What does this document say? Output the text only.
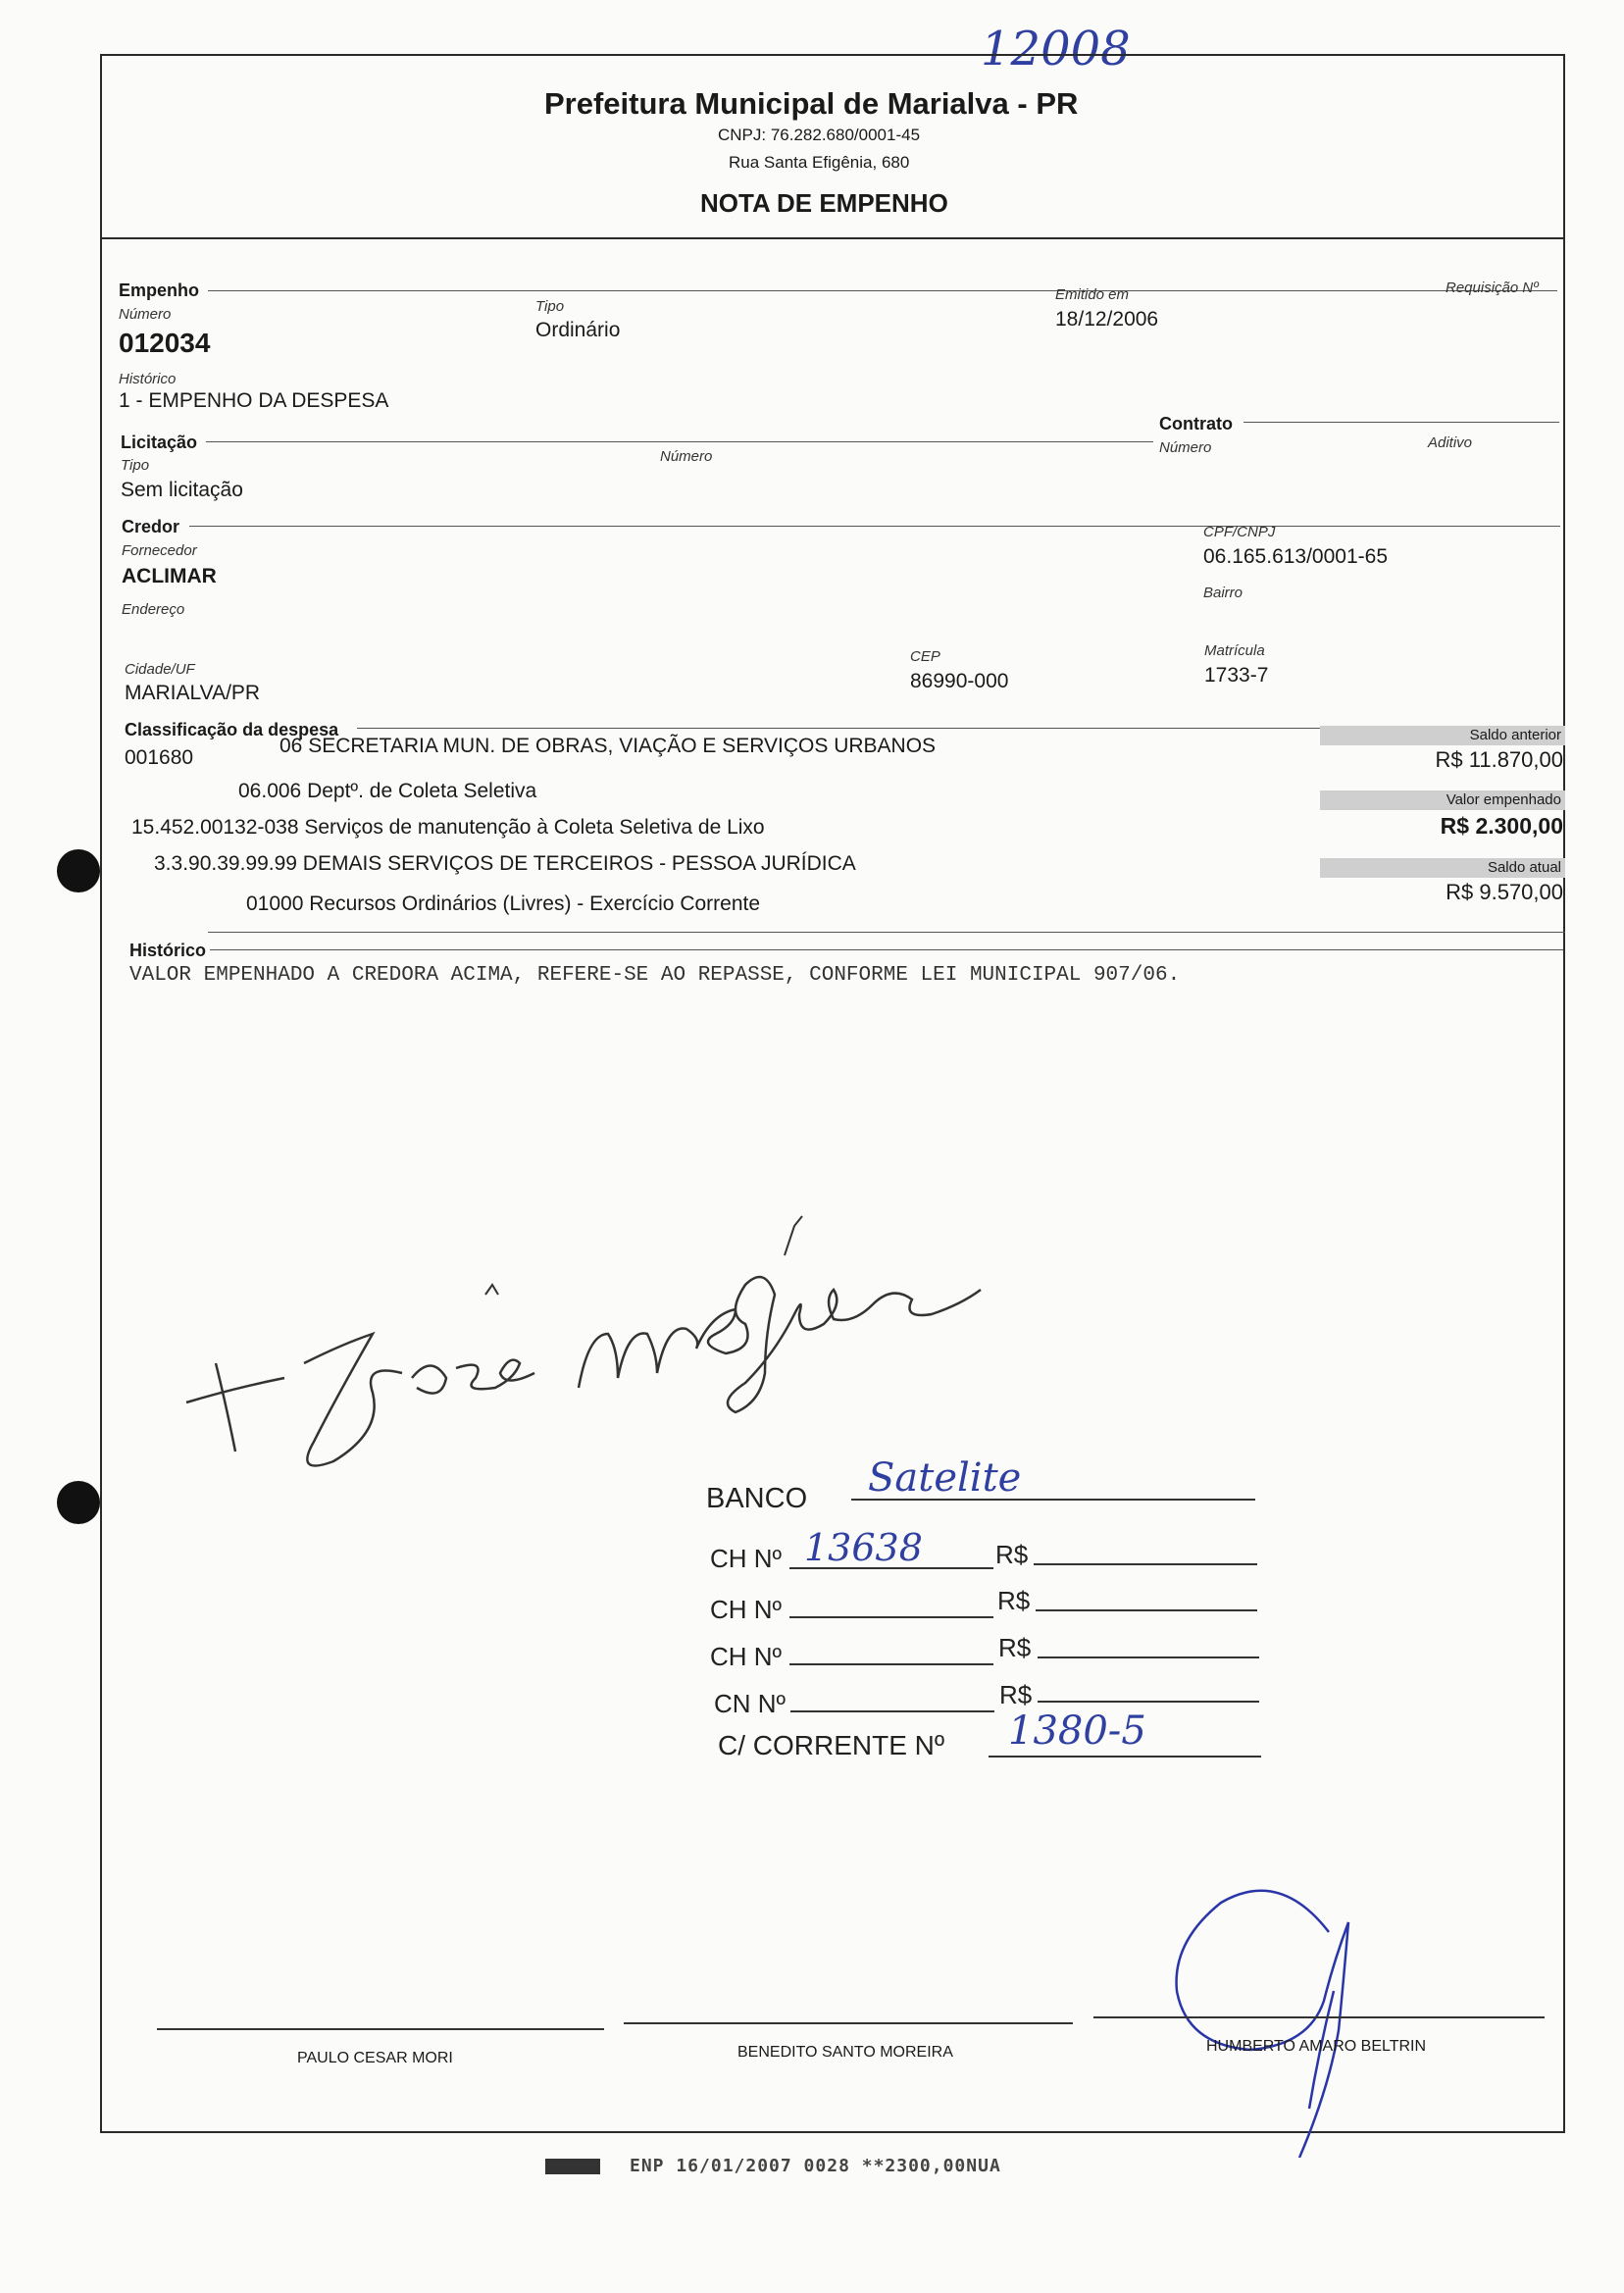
12008
Prefeitura Municipal de Marialva - PR
CNPJ: 76.282.680/0001-45
Rua Santa Efigênia, 680
NOTA DE EMPENHO
Empenho
Número
012034
Tipo
Ordinário
Emitido em
18/12/2006
Requisição Nº
Histórico
1 - EMPENHO DA DESPESA
Licitação
Tipo
Sem licitação
Número
Contrato
Número	Aditivo
Credor
Fornecedor
ACLIMAR
CPF/CNPJ
06.165.613/0001-65
Endereço
Bairro
Cidade/UF
MARIALVA/PR
CEP
86990-000
Matrícula
1733-7
Classificação da despesa
001680
06 SECRETARIA MUN. DE OBRAS, VIAÇÃO E SERVIÇOS URBANOS
06.006 Deptº. de Coleta Seletiva
15.452.00132-038 Serviços de manutenção à Coleta Seletiva de Lixo
3.3.90.39.99.99 DEMAIS SERVIÇOS DE TERCEIROS - PESSOA JURÍDICA
01000 Recursos Ordinários (Livres) - Exercício Corrente
Saldo anterior
R$ 11.870,00
Valor empenhado
R$ 2.300,00
Saldo atual
R$ 9.570,00
Histórico
VALOR EMPENHADO A CREDORA ACIMA, REFERE-SE AO REPASSE, CONFORME LEI MUNICIPAL 907/06.
BANCO Satelite
CH Nº 13638	R$
CH Nº	R$
CH Nº	R$
CN Nº	R$
C/ CORRENTE Nº 1380-5
PAULO CESAR MORI	BENEDITO SANTO MOREIRA	HUMBERTO AMARO BELTRIN
ENP 16/01/2007 0028 **2300,00NUA
